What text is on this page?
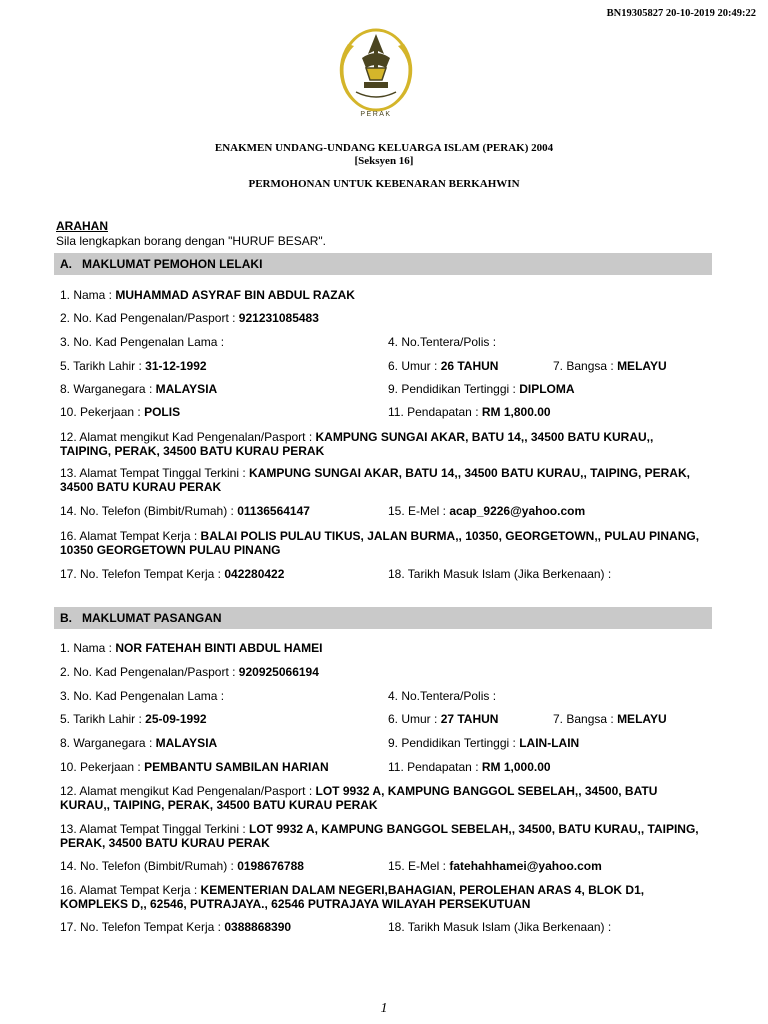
BN19305827 20-10-2019 20:49:22
PERAK
ENAKMEN UNDANG-UNDANG KELUARGA ISLAM (PERAK) 2004
[Seksyen 16]
PERMOHONAN UNTUK KEBENARAN BERKAHWIN
ARAHAN
Sila lengkapkan borang dengan "HURUF BESAR".
A. MAKLUMAT PEMOHON LELAKI
1. Nama : MUHAMMAD ASYRAF BIN ABDUL RAZAK
2. No. Kad Pengenalan/Pasport : 921231085483
3. No. Kad Pengenalan Lama :	4. No.Tentera/Polis :
5. Tarikh Lahir : 31-12-1992	6. Umur : 26 TAHUN	7. Bangsa : MELAYU
8. Warganegara : MALAYSIA	9. Pendidikan Tertinggi : DIPLOMA
10. Pekerjaan : POLIS	11. Pendapatan : RM 1,800.00
12. Alamat mengikut Kad Pengenalan/Pasport : KAMPUNG SUNGAI AKAR, BATU 14,, 34500 BATU KURAU,, TAIPING, PERAK, 34500 BATU KURAU PERAK
13. Alamat Tempat Tinggal Terkini : KAMPUNG SUNGAI AKAR, BATU 14,, 34500 BATU KURAU,, TAIPING, PERAK, 34500 BATU KURAU PERAK
14. No. Telefon (Bimbit/Rumah) : 01136564147	15. E-Mel : acap_9226@yahoo.com
16. Alamat Tempat Kerja : BALAI POLIS PULAU TIKUS, JALAN BURMA,, 10350, GEORGETOWN,, PULAU PINANG, 10350 GEORGETOWN PULAU PINANG
17. No. Telefon Tempat Kerja : 042280422	18. Tarikh Masuk Islam (Jika Berkenaan) :
B. MAKLUMAT PASANGAN
1. Nama : NOR FATEHAH BINTI ABDUL HAMEI
2. No. Kad Pengenalan/Pasport : 920925066194
3. No. Kad Pengenalan Lama :	4. No.Tentera/Polis :
5. Tarikh Lahir : 25-09-1992	6. Umur : 27 TAHUN	7. Bangsa : MELAYU
8. Warganegara : MALAYSIA	9. Pendidikan Tertinggi : LAIN-LAIN
10. Pekerjaan : PEMBANTU SAMBILAN HARIAN	11. Pendapatan : RM 1,000.00
12. Alamat mengikut Kad Pengenalan/Pasport : LOT 9932 A, KAMPUNG BANGGOL SEBELAH,, 34500, BATU KURAU,, TAIPING, PERAK, 34500 BATU KURAU PERAK
13. Alamat Tempat Tinggal Terkini : LOT 9932 A, KAMPUNG BANGGOL SEBELAH,, 34500, BATU KURAU,, TAIPING, PERAK, 34500 BATU KURAU PERAK
14. No. Telefon (Bimbit/Rumah) : 0198676788	15. E-Mel : fatehahhamei@yahoo.com
16. Alamat Tempat Kerja : KEMENTERIAN DALAM NEGERI,BAHAGIAN, PEROLEHAN ARAS 4, BLOK D1, KOMPLEKS D,, 62546, PUTRAJAYA., 62546 PUTRAJAYA WILAYAH PERSEKUTUAN
17. No. Telefon Tempat Kerja : 0388868390	18. Tarikh Masuk Islam (Jika Berkenaan) :
1
